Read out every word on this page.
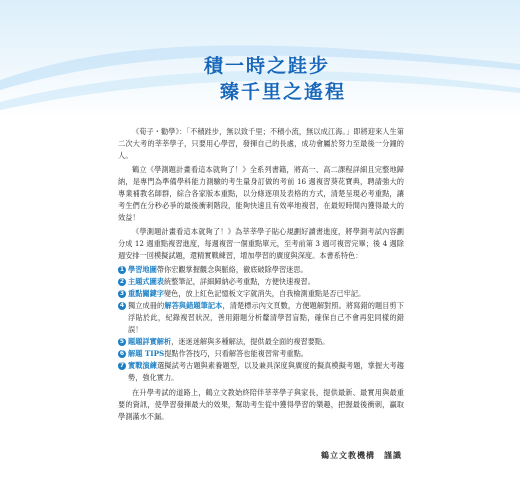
積一時之跬步
臻千里之遙程

《荀子・勸學》：「不積跬步，無以致千里；不積小流，無以成江海。」即將迎來人生第二次大考的莘莘學子，只要用心學習，發揮自己的長處，成功會屬於努力至最後一分鐘的人。

鶴立《學測題計畫看這本就夠了！》全系列書籍，將高一、高二課程詳細且完整地歸納，是專門為準備學科能力測驗的考生量身訂做的考前 16 週複習葵花寶典，聘請強大的專業補教名師群，綜合各家版本重點，以分條逐項及表格的方式，清楚呈現必考重點，讓考生們在分秒必爭的最後衝刺階段，能夠快速且有效率地複習，在最短時間內獲得最大的效益！

《學測題計畫看這本就夠了！》為莘莘學子貼心規劃好讀書進度，將學測考試內容劃分成 12 週重點複習進度，每週複習一個重點單元，至考前第 3 週可複習完畢；後 4 週除週安排一回模擬試題，還精實戰練習，增加學習的廣度與深度。本書系特色：

1 學習地圖帶你宏觀掌握觀念與脈絡，徹底破除學習迷思。
2 主題式圖表統整筆記，詳細歸納必考重點，方便快速複習。
3 重點關鍵字變色，放上紅色記憶板文字就消失，自我檢測重點是否已牢記。
4 獨立成冊的解答與錯題筆記本，清楚標示內文頁數，方便題解對照。將寫錯的題目剪下浮貼於此，紀錄複習狀況，善用錯題分析釐清學習盲點，確保自己不會再犯同樣的錯誤！
5 題題詳實解析，迷迷迷解與多種解法，提供最全面的複習要點。
6 解題 TIPS提點作答技巧，只看解答也能複習常考重點。
7 實戰演練選擬試考古題與素養題型，以及兼具深度與廣度的擬真模擬考題，掌握大考趨勢，強化實力。

在升學考試的道路上，鶴立文教始終陪伴莘莘學子與家長，提供最新、最實用與最重要的資訊，使學習發揮最大的效果，幫助考生從中獲得學習的樂趣，把握最後衝刺，贏取學測滿水不漏。

鶴立文教機構　謹識
